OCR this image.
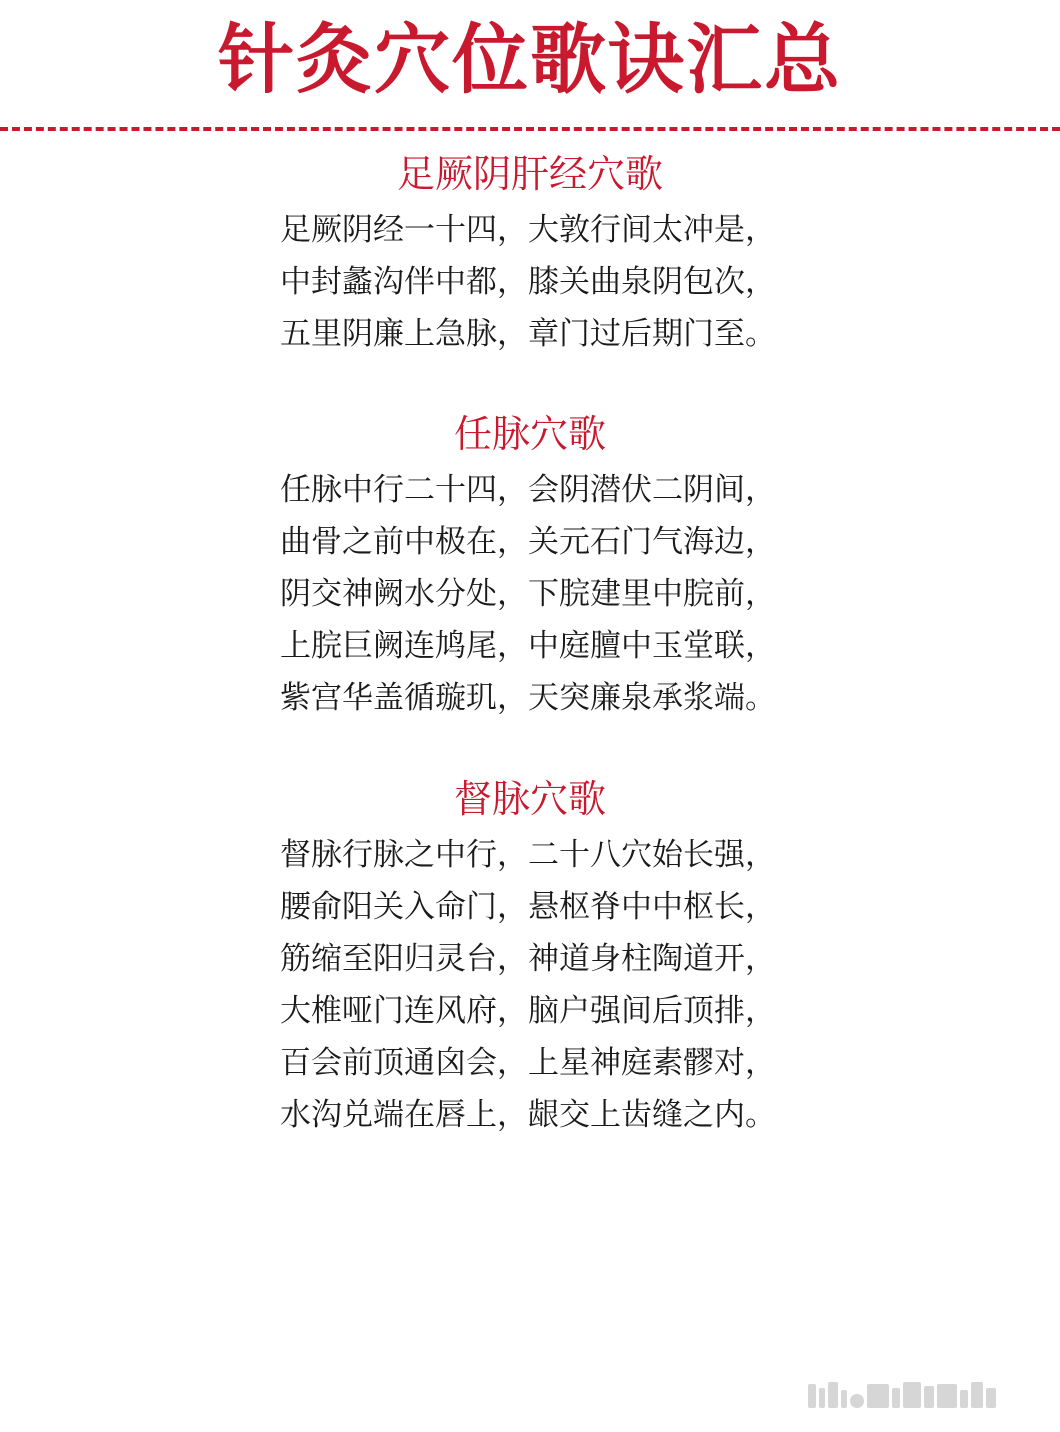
针灸穴位歌诀汇总
足厥阴肝经穴歌
足厥阴经一十四，大敦行间太冲是，
中封蠡沟伴中都，膝关曲泉阴包次，
五里阴廉上急脉，章门过后期门至。
任脉穴歌
任脉中行二十四，会阴潜伏二阴间，
曲骨之前中极在，关元石门气海边，
阴交神阙水分处，下脘建里中脘前，
上脘巨阙连鸠尾，中庭膻中玉堂联，
紫宫华盖循璇玑，天突廉泉承浆端。
督脉穴歌
督脉行脉之中行，二十八穴始长强，
腰俞阳关入命门，悬枢脊中中枢长，
筋缩至阳归灵台，神道身柱陶道开，
大椎哑门连风府，脑户强间后顶排，
百会前顶通囟会，上星神庭素髎对，
水沟兑端在唇上，龈交上齿缝之内。
